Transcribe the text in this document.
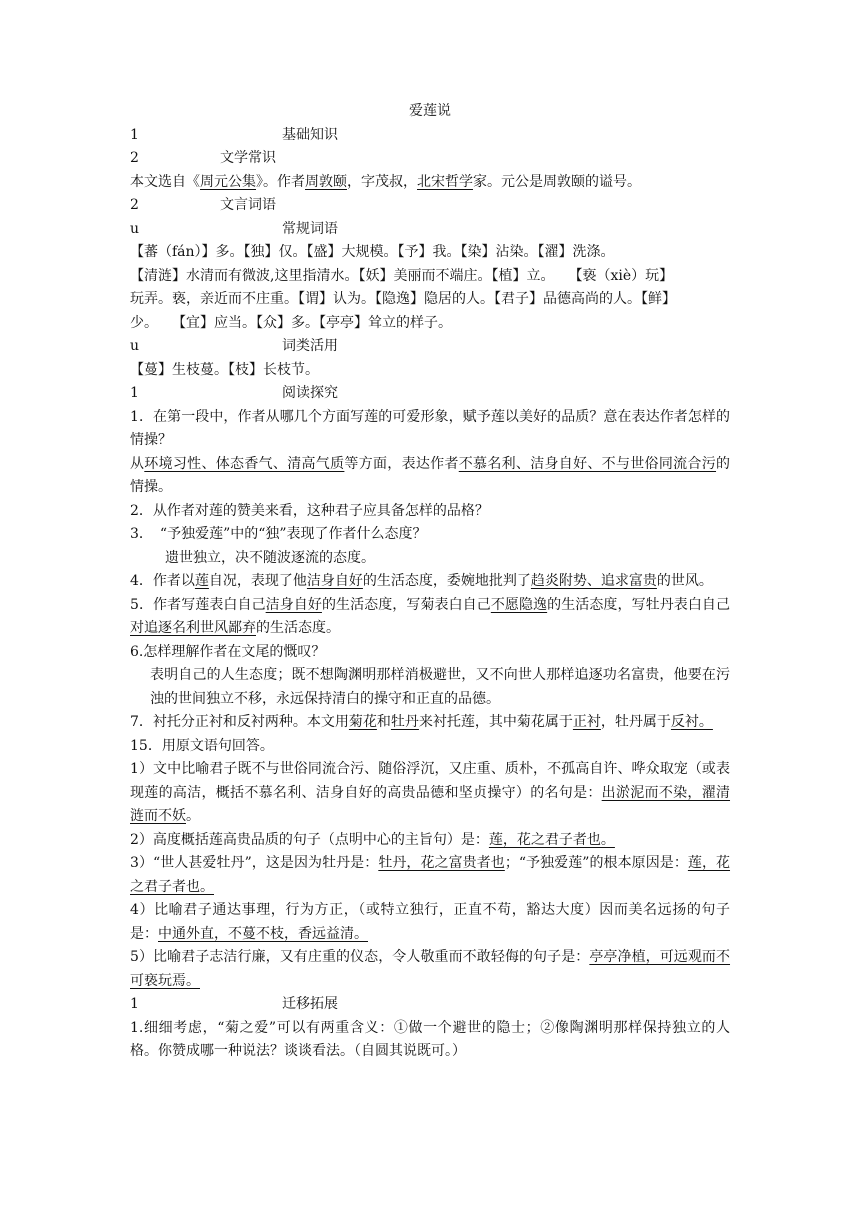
爱莲说

1	基础知识
2	文学常识

本文选自《周元公集》。作者周敦颐，字茂叔，北宋哲学家。元公是周敦颐的谥号。

2	文言词语
u	常规词语

【蕃（fán）】多。【独】仅。【盛】大规模。【予】我。【染】沾染。【濯】洗涤。

【清涟】水清而有微波,这里指清水。【妖】美丽而不端庄。【植】立。　　【亵（xiè）玩】

玩弄。亵，亲近而不庄重。【谓】认为。【隐逸】隐居的人。【君子】品德高尚的人。【鲜】

少。　　【宜】应当。【众】多。【亭亭】耸立的样子。

u	词类活用

【蔓】生枝蔓。【枝】长枝节。

1	阅读探究

1．在第一段中，作者从哪几个方面写莲的可爱形象，赋予莲以美好的品质？意在表达作者怎样的情操？

从环境习性、体态香气、清高气质等方面，表达作者不慕名利、洁身自好、不与世俗同流合污的情操。

2．从作者对莲的赞美来看，这种君子应具备怎样的品格？

3．　“予独爱莲”中的“独”表现了作者什么态度？

遗世独立，决不随波逐流的态度。

4．作者以莲自况，表现了他洁身自好的生活态度，委婉地批判了趋炎附势、追求富贵的世风。

5．作者写莲表白自己洁身自好的生活态度，写菊表白自己不愿隐逸的生活态度，写牡丹表白自己对追逐名利世风鄙弃的生活态度。

6.怎样理解作者在文尾的慨叹？

表明自己的人生态度；既不想陶渊明那样消极避世，又不向世人那样追逐功名富贵，他要在污浊的世间独立不移，永远保持清白的操守和正直的品德。

7．衬托分正衬和反衬两种。本文用菊花和牡丹来衬托莲，其中菊花属于正衬，牡丹属于反衬。

15．用原文语句回答。

1）文中比喻君子既不与世俗同流合污、随俗浮沉，又庄重、质朴，不孤高自许、哗众取宠（或表现莲的高洁，概括不慕名利、洁身自好的高贵品德和坚贞操守）的名句是：出淤泥而不染，濯清涟而不妖。

2）高度概括莲高贵品质的句子（点明中心的主旨句）是：莲，花之君子者也。

3）“世人甚爱牡丹”，这是因为牡丹是：牡丹，花之富贵者也；“予独爱莲”的根本原因是：莲，花之君子者也。

4）比喻君子通达事理，行为方正，（或特立独行，正直不苟，豁达大度）因而美名远扬的句子是：中通外直，不蔓不枝，香远益清。

5）比喻君子志洁行廉，又有庄重的仪态，令人敬重而不敢轻侮的句子是：亭亭净植，可远观而不可亵玩焉。

1	迁移拓展

1.细细考虑，“菊之爱”可以有两重含义：①做一个避世的隐士；②像陶渊明那样保持独立的人格。你赞成哪一种说法？谈谈看法。（自圆其说既可。）
